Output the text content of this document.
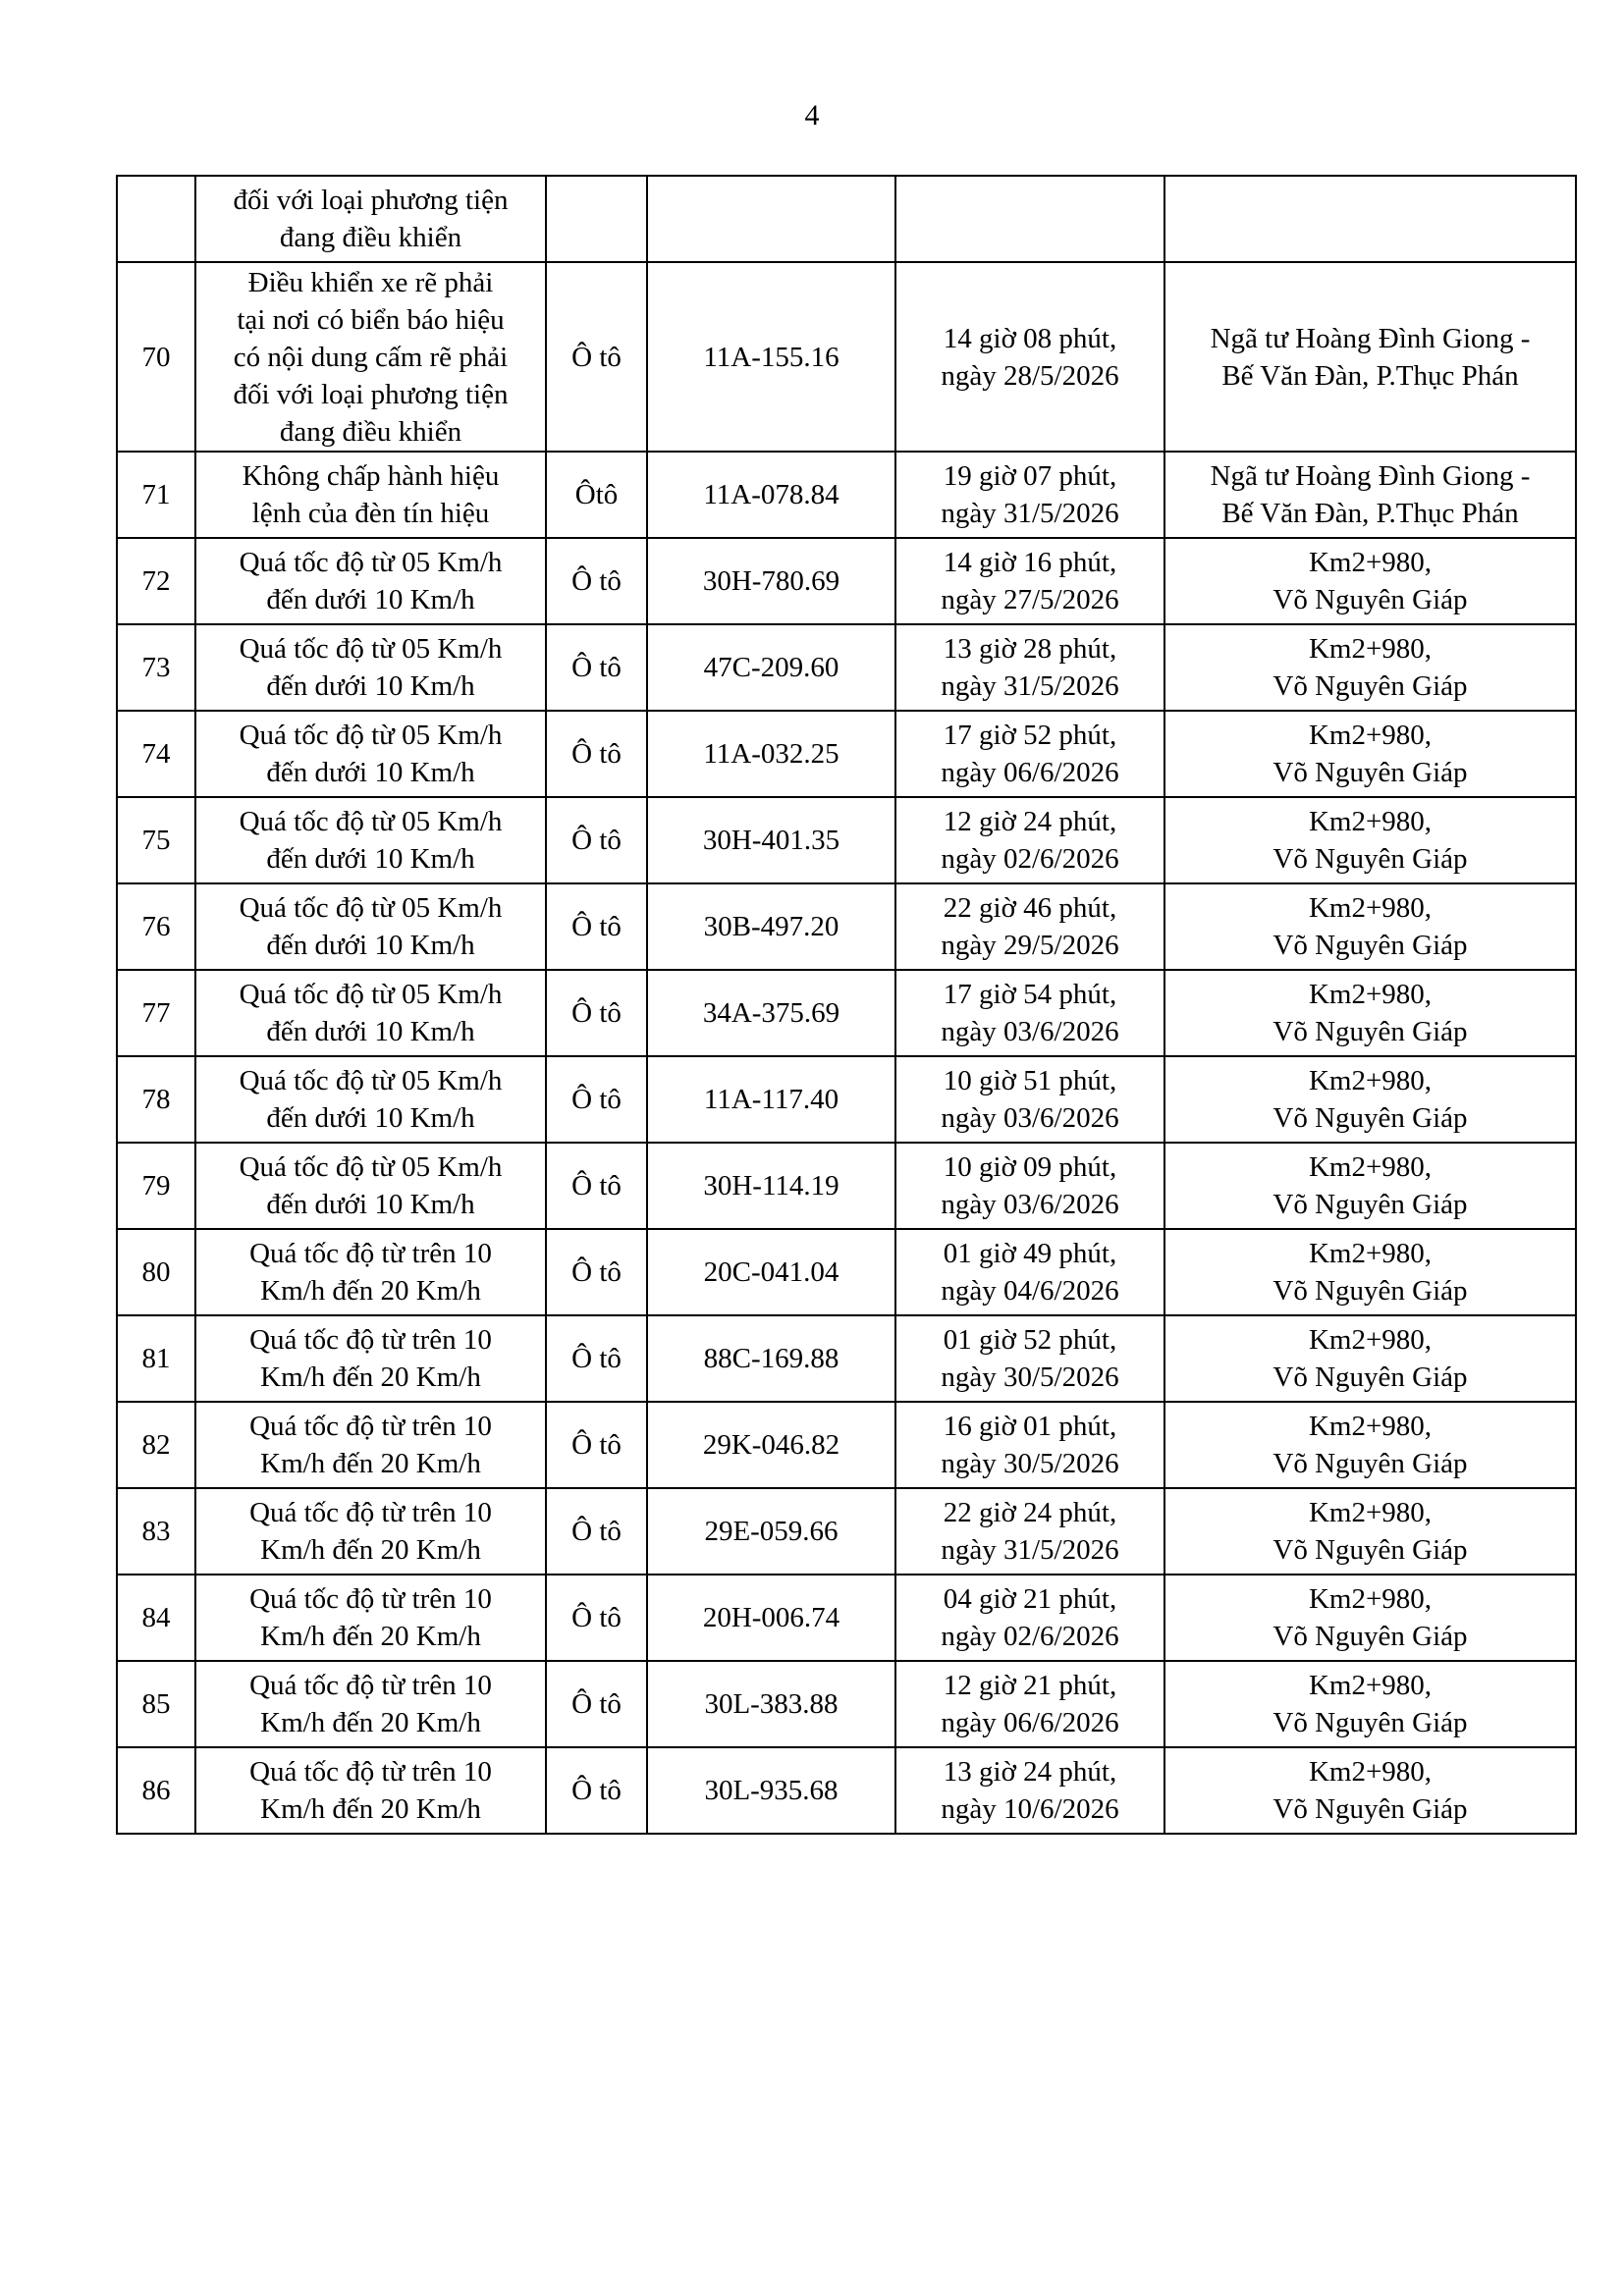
4
	đối với loại phương tiện
đang điều khiển				
70	Điều khiển xe rẽ phải
tại nơi có biển báo hiệu
có nội dung cấm rẽ phải
đối với loại phương tiện
đang điều khiển	Ô tô	11A-155.16	14 giờ 08 phút,
ngày 28/5/2026	Ngã tư Hoàng Đình Giong -
Bế Văn Đàn, P.Thục Phán
71	Không chấp hành hiệu
lệnh của đèn tín hiệu	Ôtô	11A-078.84	19 giờ 07 phút,
ngày 31/5/2026	Ngã tư Hoàng Đình Giong -
Bế Văn Đàn, P.Thục Phán
72	Quá tốc độ từ 05 Km/h
đến dưới 10 Km/h	Ô tô	30H-780.69	14 giờ 16 phút,
ngày 27/5/2026	Km2+980,
Võ Nguyên Giáp
73	Quá tốc độ từ 05 Km/h
đến dưới 10 Km/h	Ô tô	47C-209.60	13 giờ 28 phút,
ngày 31/5/2026	Km2+980,
Võ Nguyên Giáp
74	Quá tốc độ từ 05 Km/h
đến dưới 10 Km/h	Ô tô	11A-032.25	17 giờ 52 phút,
ngày 06/6/2026	Km2+980,
Võ Nguyên Giáp
75	Quá tốc độ từ 05 Km/h
đến dưới 10 Km/h	Ô tô	30H-401.35	12 giờ 24 phút,
ngày 02/6/2026	Km2+980,
Võ Nguyên Giáp
76	Quá tốc độ từ 05 Km/h
đến dưới 10 Km/h	Ô tô	30B-497.20	22 giờ 46 phút,
ngày 29/5/2026	Km2+980,
Võ Nguyên Giáp
77	Quá tốc độ từ 05 Km/h
đến dưới 10 Km/h	Ô tô	34A-375.69	17 giờ 54 phút,
ngày 03/6/2026	Km2+980,
Võ Nguyên Giáp
78	Quá tốc độ từ 05 Km/h
đến dưới 10 Km/h	Ô tô	11A-117.40	10 giờ 51 phút,
ngày 03/6/2026	Km2+980,
Võ Nguyên Giáp
79	Quá tốc độ từ 05 Km/h
đến dưới 10 Km/h	Ô tô	30H-114.19	10 giờ 09 phút,
ngày 03/6/2026	Km2+980,
Võ Nguyên Giáp
80	Quá tốc độ từ trên 10
Km/h đến 20 Km/h	Ô tô	20C-041.04	01 giờ 49 phút,
ngày 04/6/2026	Km2+980,
Võ Nguyên Giáp
81	Quá tốc độ từ trên 10
Km/h đến 20 Km/h	Ô tô	88C-169.88	01 giờ 52 phút,
ngày 30/5/2026	Km2+980,
Võ Nguyên Giáp
82	Quá tốc độ từ trên 10
Km/h đến 20 Km/h	Ô tô	29K-046.82	16 giờ 01 phút,
ngày 30/5/2026	Km2+980,
Võ Nguyên Giáp
83	Quá tốc độ từ trên 10
Km/h đến 20 Km/h	Ô tô	29E-059.66	22 giờ 24 phút,
ngày 31/5/2026	Km2+980,
Võ Nguyên Giáp
84	Quá tốc độ từ trên 10
Km/h đến 20 Km/h	Ô tô	20H-006.74	04 giờ 21 phút,
ngày 02/6/2026	Km2+980,
Võ Nguyên Giáp
85	Quá tốc độ từ trên 10
Km/h đến 20 Km/h	Ô tô	30L-383.88	12 giờ 21 phút,
ngày 06/6/2026	Km2+980,
Võ Nguyên Giáp
86	Quá tốc độ từ trên 10
Km/h đến 20 Km/h	Ô tô	30L-935.68	13 giờ 24 phút,
ngày 10/6/2026	Km2+980,
Võ Nguyên Giáp
